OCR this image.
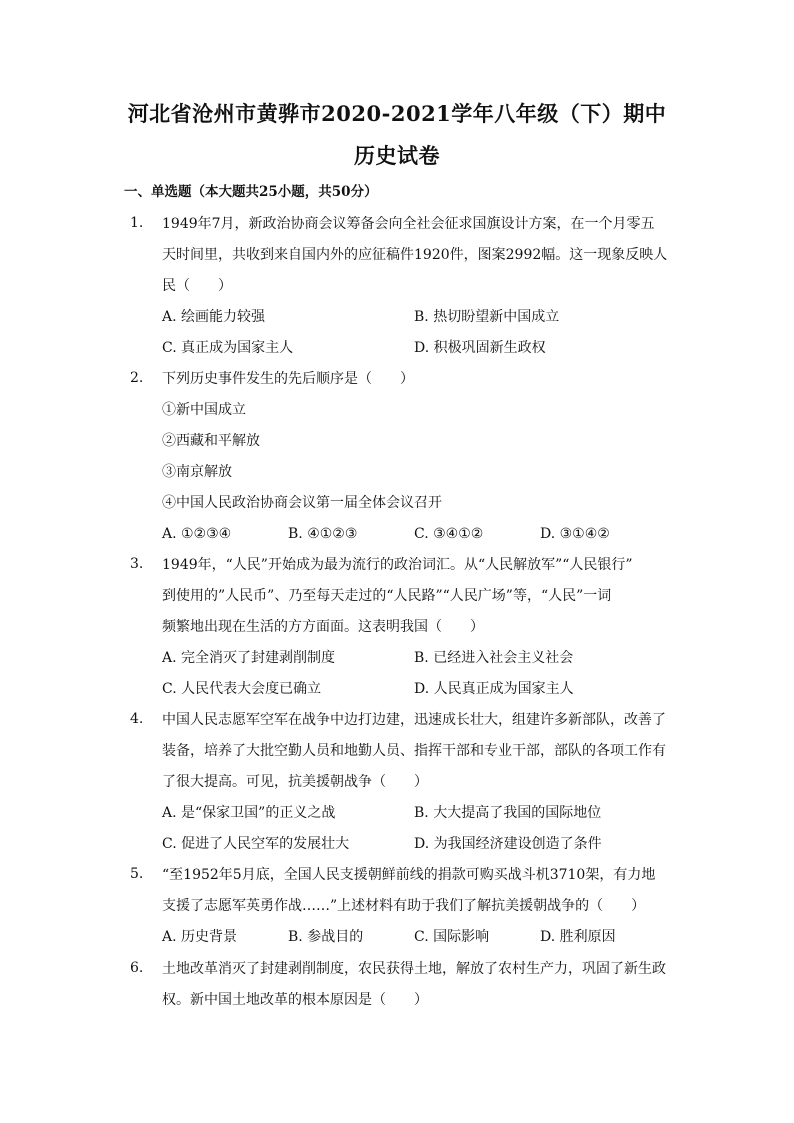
河北省沧州市黄骅市2020-2021学年八年级（下）期中
历史试卷
一、单选题（本大题共25小题，共50分）
1.	1949年7月，新政治协商会议筹备会向全社会征求国旗设计方案，在一个月零五
天时间里，共收到来自国内外的应征稿件1920件，图案2992幅。这一现象反映人
民（　　）
A. 绘画能力较强	B. 热切盼望新中国成立
C. 真正成为国家主人	D. 积极巩固新生政权
2.	下列历史事件发生的先后顺序是（　　）
①新中国成立
②西藏和平解放
③南京解放
④中国人民政治协商会议第一届全体会议召开
A. ①②③④	B. ④①②③	C. ③④①②	D. ③①④②
3.	1949年，“人民”开始成为最为流行的政治词汇。从“人民解放军”“人民银行”
到使用的”人民币”、乃至每天走过的“人民路”“人民广场”等，“人民”一词
频繁地出现在生活的方方面面。这表明我国（　　）
A. 完全消灭了封建剥削制度	B. 已经进入社会主义社会
C. 人民代表大会度已确立	D. 人民真正成为国家主人
4.	中国人民志愿军空军在战争中边打边建，迅速成长壮大，组建许多新部队，改善了
装备，培养了大批空勤人员和地勤人员、指挥干部和专业干部，部队的各项工作有
了很大提高。可见，抗美援朝战争（　　）
A. 是“保家卫国”的正义之战	B. 大大提高了我国的国际地位
C. 促进了人民空军的发展壮大	D. 为我国经济建设创造了条件
5.	“至1952年5月底，全国人民支援朝鲜前线的捐款可购买战斗机3710架，有力地
支援了志愿军英勇作战……”上述材料有助于我们了解抗美援朝战争的（　　）
A. 历史背景	B. 参战目的	C. 国际影响	D. 胜利原因
6.	土地改革消灭了封建剥削制度，农民获得土地，解放了农村生产力，巩固了新生政
权。新中国土地改革的根本原因是（　　）
